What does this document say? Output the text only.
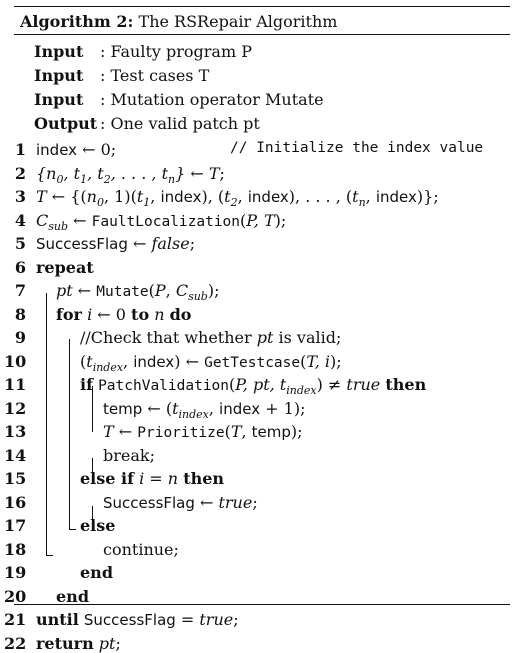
Algorithm 2: The RSRepair Algorithm
Input : Faulty program P
Input : Test cases T
Input : Mutation operator Mutate
Output : One valid patch pt
1 index ← 0;
2 {$n_0$, $t_1$, $t_2$, . . . , $t_n$} ← T;
3 T ← {($n_0$, $1)(t_1$, index), ($t_2$, index), . . . , ($t_n$, index)};
4 $C_{sub}$ ← FaultLocalization(P, T);
5 SuccessFlag ← false;
6 repeat
7 pt ← Mutate(P, $C_{sub}$);
8 for i ← 0 to n do
9	//Check that whether pt is valid;
10	($t_{index}$, index) ← GetTestcase(T, i);
11	if PatchValidation(P, pt, $t_{index}$) ≠ true then
12	temp ← ($t_{index}$, index + 1);
13	T ← Prioritize(T, temp);
14	break;
15	else if i = n then
16	SuccessFlag ← true;
17	else
18	continue;
19	end
20 end
21 until SuccessFlag = true;
22 return pt;
// Initialize the index value
